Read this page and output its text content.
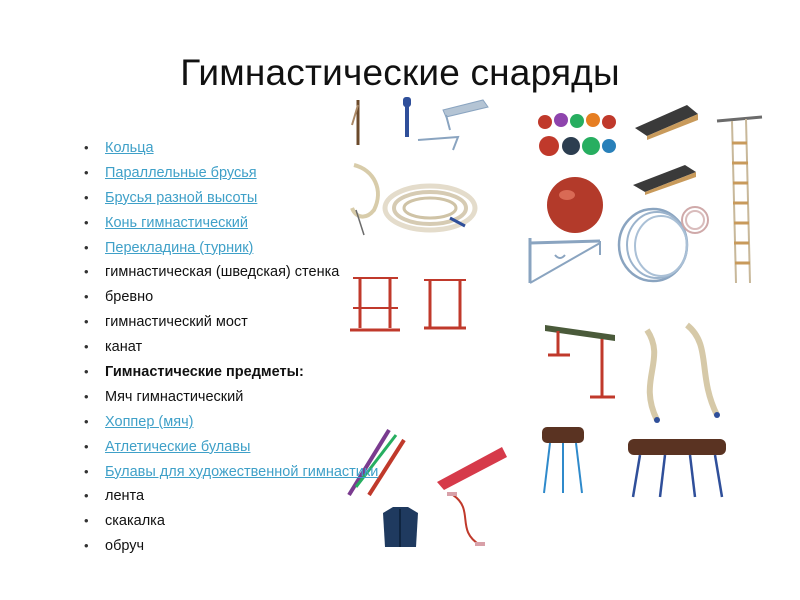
Гимнастические снаряды
• Кольца
• Параллельные брусья
• Брусья разной высоты
• Конь гимнастический
• Перекладина (турник)
• гимнастическая (шведская) стенка
• бревно
• гимнастический мост
• канат
• Гимнастические предметы:
• Мяч гимнастический
• Хоппер (мяч)
• Атлетические булавы
• Булавы для художественной гимнастики
• лента
• скакалка
• обруч
